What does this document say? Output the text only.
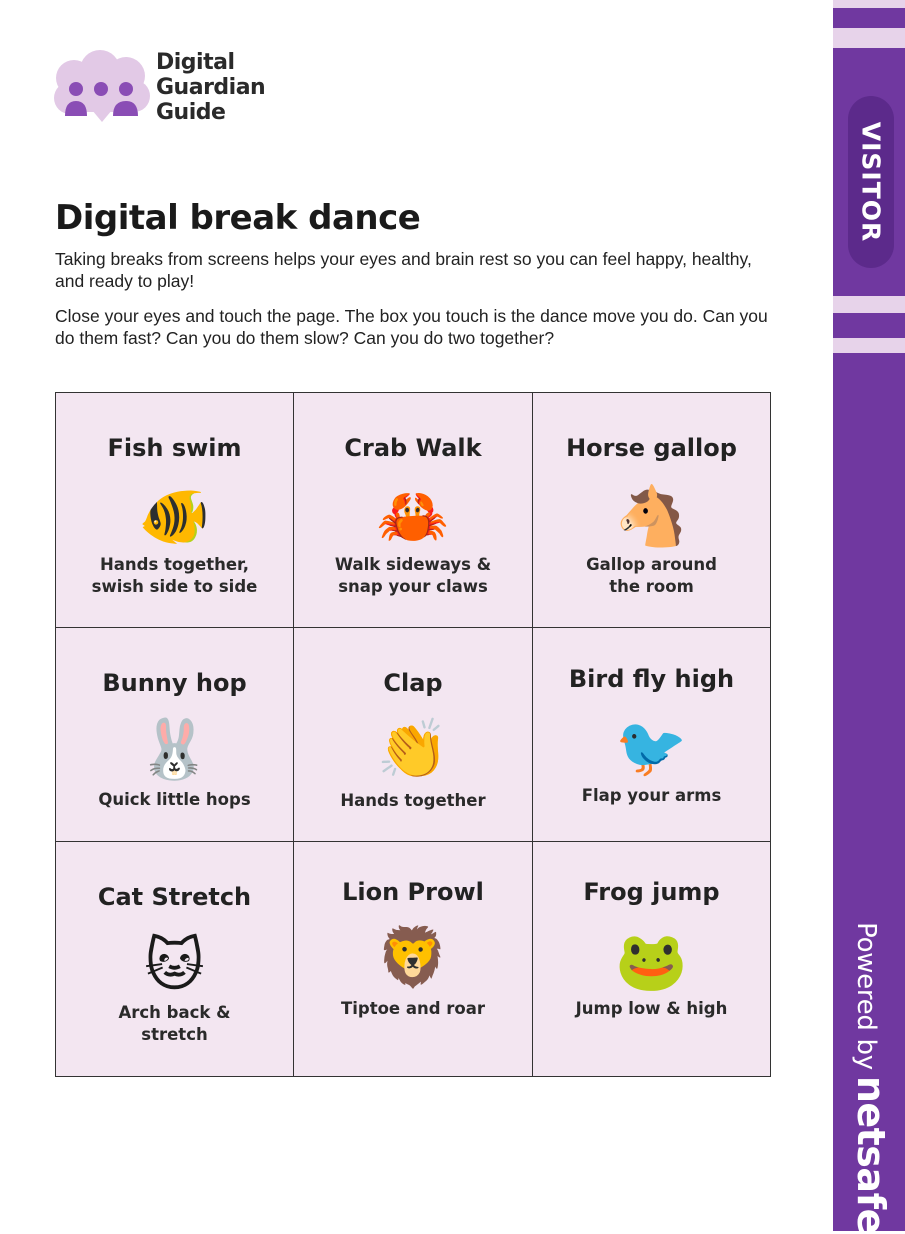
Digital
Guardian
Guide
Digital break dance

Taking breaks from screens helps your eyes and brain rest so you can feel happy, healthy, and ready to play!

Close your eyes and touch the page. The box you touch is the dance move you do. Can you do them fast? Can you do them slow? Can you do two together?

Fish swim
🐠
Hands together,
swish side to side
Crab Walk
🦀
Walk sideways &
snap your claws
Horse gallop
🐴
Gallop around
the room
Bunny hop
🐰
Quick little hops
Clap
👏
Hands together
Bird fly high
🐦
Flap your arms
Cat Stretch
🐱
Arch back &
stretch
Lion Prowl
🦁
Tiptoe and roar
Frog jump
🐸
Jump low & high
VISITOR
Powered bynetsafe
